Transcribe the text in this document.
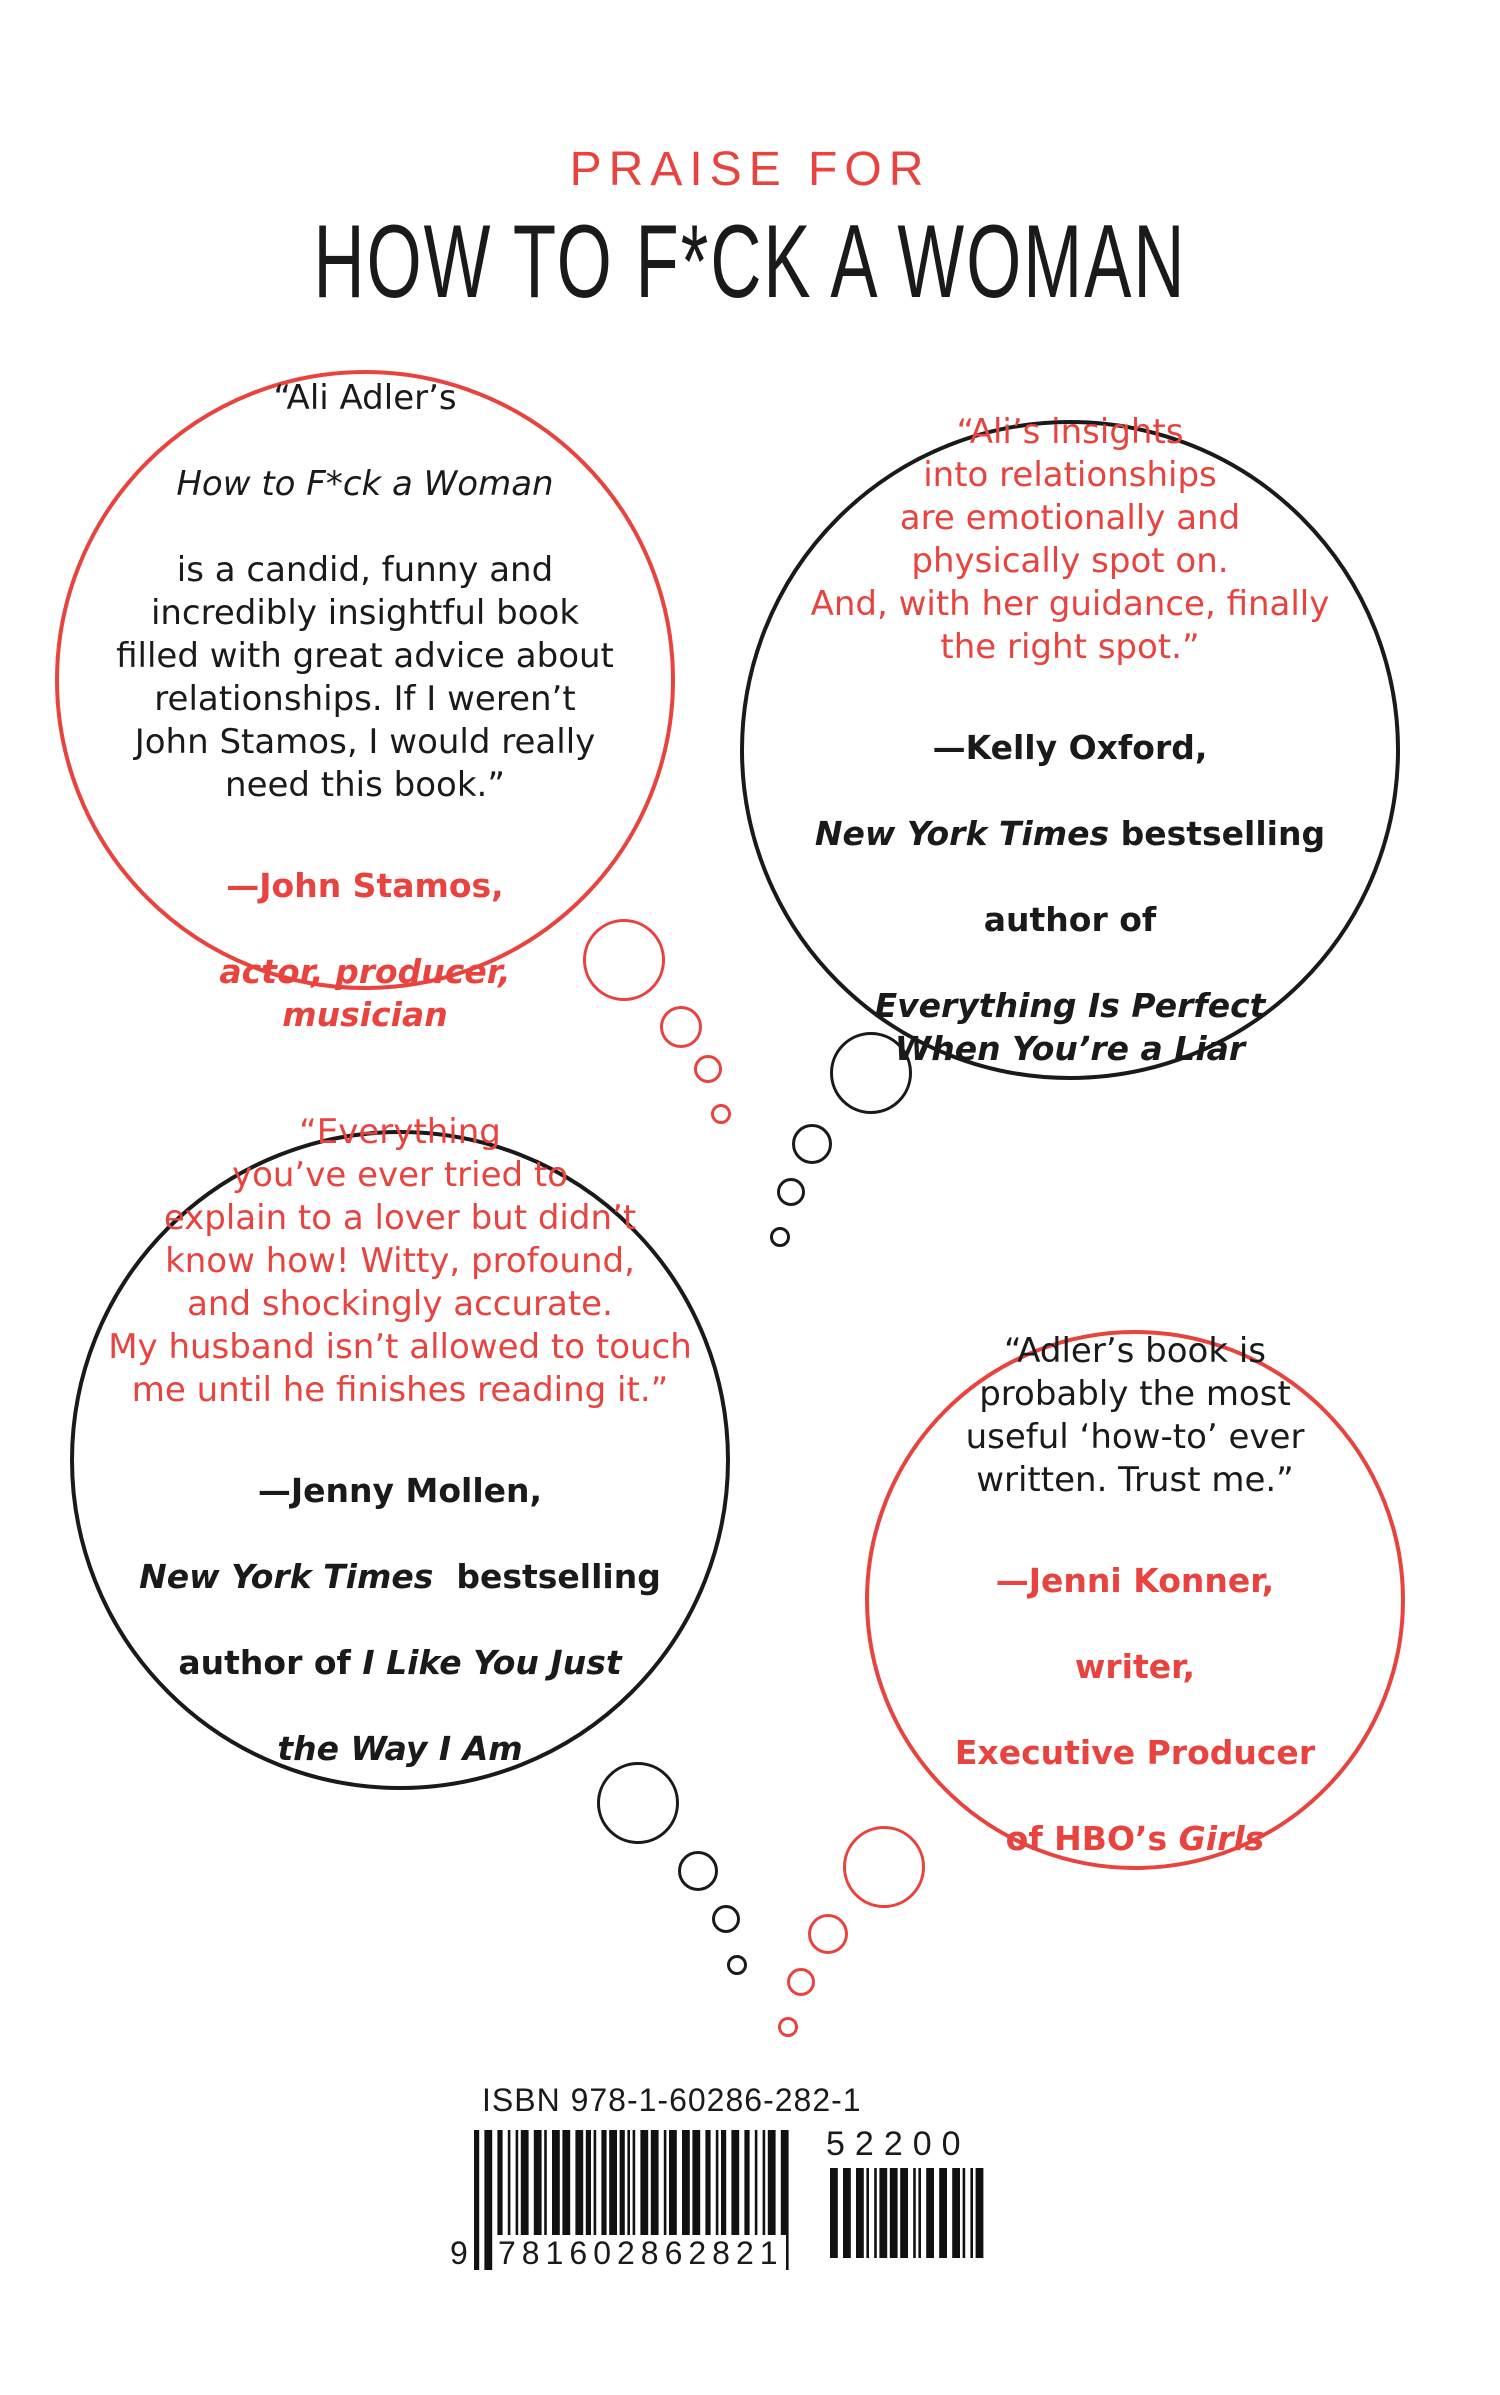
PRAISE FOR
HOW TO F*CK A WOMAN

“Ali Adler’s

How to F*ck a Woman

is a candid, funny and
incredibly insightful book
filled with great advice about
relationships. If I weren’t
John Stamos, I would really
need this book.”

—John Stamos,

actor, producer,
musician

“Ali’s insights
into relationships
are emotionally and
physically spot on.
And, with her guidance, finally
the right spot.”

—Kelly Oxford,

New York Times bestselling

author of

Everything Is Perfect
When You’re a Liar

“Everything
you’ve ever tried to
explain to a lover but didn’t
know how! Witty, profound,
and shockingly accurate.
My husband isn’t allowed to touch
me until he finishes reading it.”

—Jenny Mollen,

New York Times  bestselling

author of I Like You Just

the Way I Am

“Adler’s book is
probably the most
useful ‘how-to’ ever
written. Trust me.”

—Jenni Konner,

writer,

Executive Producer

of HBO’s Girls

ISBN 978-1-60286-282-1
52200
9 781602862821
